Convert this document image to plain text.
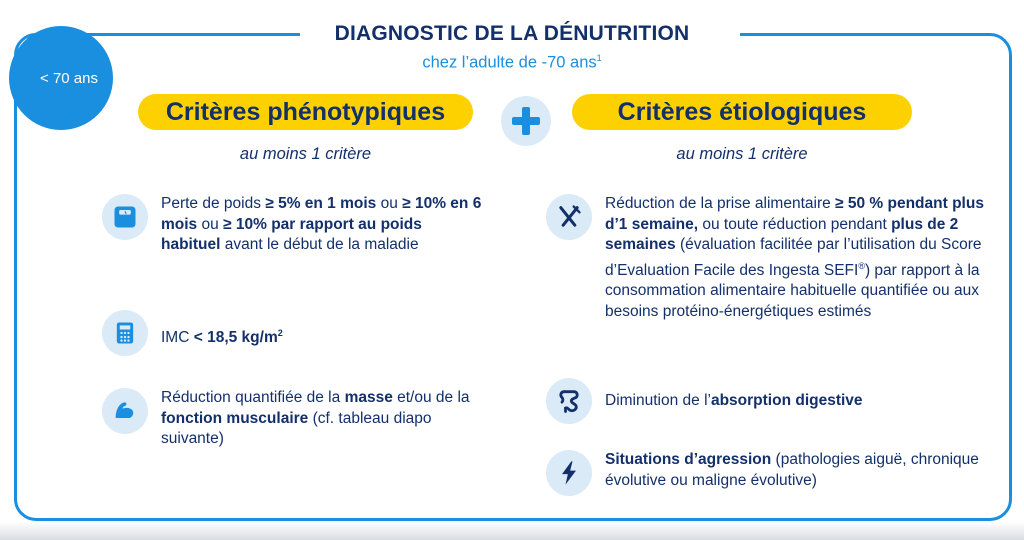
< 70 ans
DIAGNOSTIC DE LA DÉNUTRITION
chez l’adulte de -70 ans$^1$
Critères phénotypiques	Critères étiologiques
au moins 1 critère	au moins 1 critère
Perte de poids ≥ 5% en 1 mois ou ≥ 10% en 6 mois ou ≥ 10% par rapport au poids habituel avant le début de la maladie
IMC < 18,5 $kg/m^2$
Réduction quantifiée de la masse et/ou de la fonction musculaire (cf. tableau diapo suivante)
Réduction de la prise alimentaire ≥ 50 % pendant plus d’1 semaine, ou toute réduction pendant plus de 2 semaines (évaluation facilitée par l’utilisation du Score d’Evaluation Facile des Ingesta SEFI®) par rapport à la consommation alimentaire habituelle quantifiée ou aux besoins protéino-énergétiques estimés
Diminution de l’absorption digestive
Situations d’agression (pathologies aiguë, chronique évolutive ou maligne évolutive)
